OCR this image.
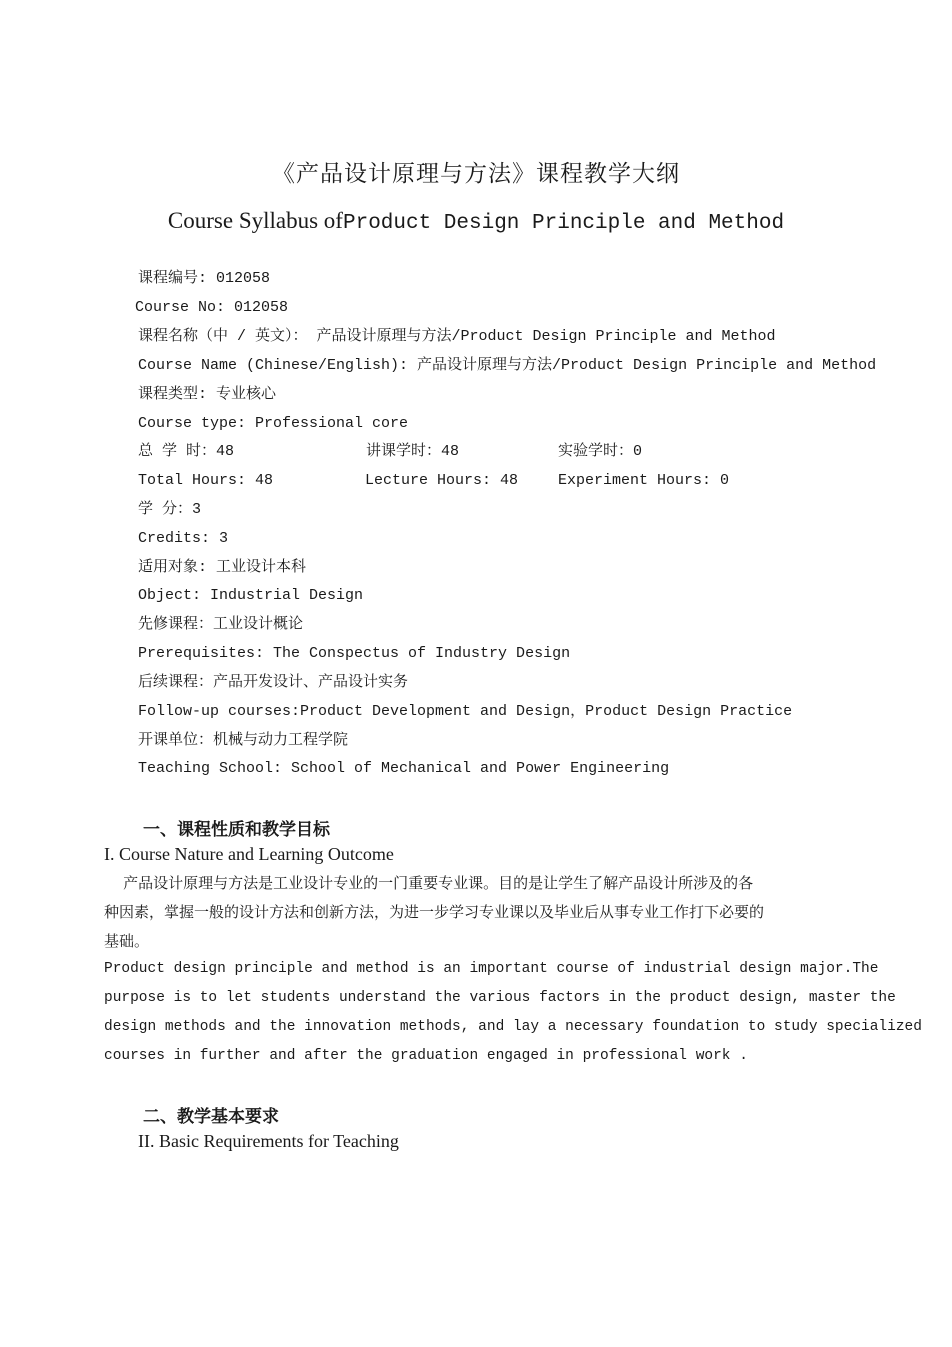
《产品设计原理与方法》课程教学大纲
Course Syllabus ofProduct Design Principle and Method
课程编号: 012058
Course No: 012058
课程名称（中 / 英文）： 产品设计原理与方法/Product Design Principle and Method
Course Name (Chinese/English): 产品设计原理与方法/Product Design Principle and Method
课程类型: 专业核心
Course type: Professional core
总 学 时：48	讲课学时：48	实验学时：0
Total Hours: 48	Lecture Hours: 48	Experiment Hours: 0
学 分：3
Credits: 3
适用对象: 工业设计本科
Object: Industrial Design
先修课程：工业设计概论
Prerequisites: The Conspectus of Industry Design
后续课程：产品开发设计、产品设计实务
Follow-up courses:Product Development and Design，Product Design Practice
开课单位：机械与动力工程学院
Teaching School: School of Mechanical and Power Engineering
一、课程性质和教学目标
I. Course Nature and Learning Outcome
产品设计原理与方法是工业设计专业的一门重要专业课。目的是让学生了解产品设计所涉及的各
种因素，掌握一般的设计方法和创新方法，为进一步学习专业课以及毕业后从事专业工作打下必要的
基础。
Product design principle and method is an important course of industrial design major.The
purpose is to let students understand the various factors in the product design, master the
design methods and the innovation methods, and lay a necessary foundation to study specialized
courses in further and after the graduation engaged in professional work .
二、教学基本要求
II. Basic Requirements for Teaching
